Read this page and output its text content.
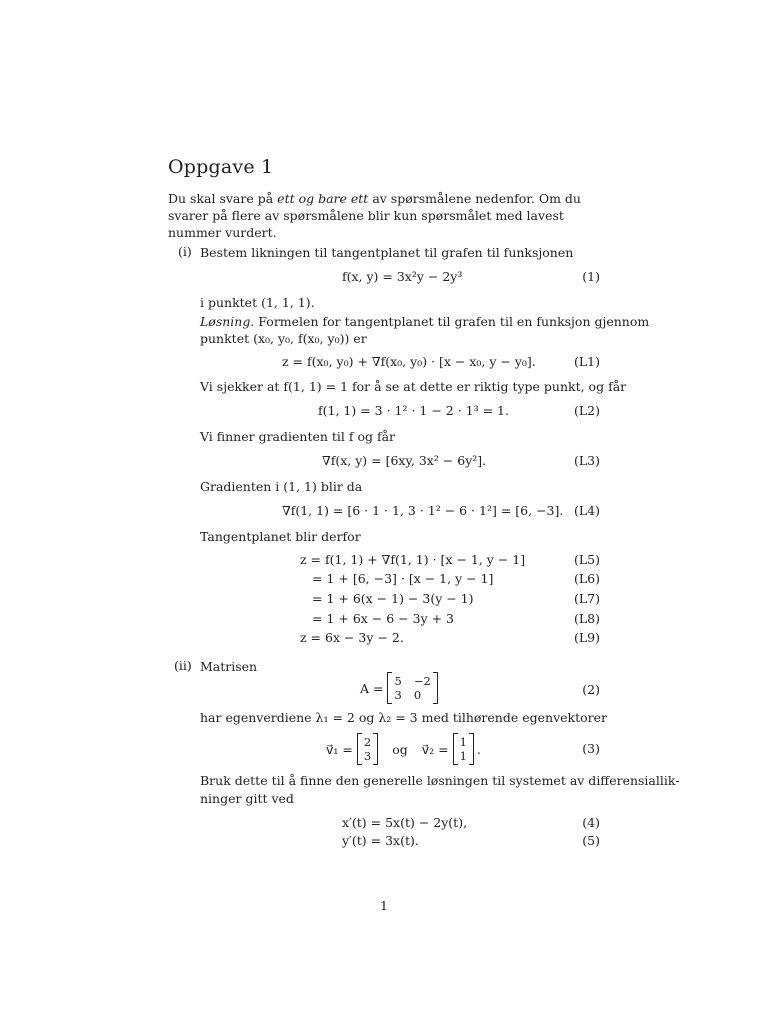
Oppgave 1
Du skal svare på ett og bare ett av spørsmålene nedenfor. Om du svarer på flere av spørsmålene blir kun spørsmålet med lavest nummer vurdert.
(i) Bestem likningen til tangentplanet til grafen til funksjonen
f(x, y) = 3x²y − 2y³	(1)
i punktet (1, 1, 1).
Løsning. Formelen for tangentplanet til grafen til en funksjon gjennom
punktet (x₀, y₀, f(x₀, y₀)) er
z = f(x₀, y₀) + ∇f(x₀, y₀) · [x − x₀, y − y₀].	(L1)
Vi sjekker at f(1, 1) = 1 for å se at dette er riktig type punkt, og får
f(1, 1) = 3 · 1² · 1 − 2 · 1³ = 1.	(L2)
Vi finner gradienten til f og får
∇f(x, y) = [6xy, 3x² − 6y²].	(L3)
Gradienten i (1, 1) blir da
∇f(1, 1) = [6 · 1 · 1, 3 · 1² − 6 · 1²] = [6, −3]. (L4)
Tangentplanet blir derfor
z = f(1, 1) + ∇f(1, 1) · [x − 1, y − 1]	(L5)
= 1 + [6, −3] · [x − 1, y − 1]	(L6)
= 1 + 6(x − 1) − 3(y − 1)	(L7)
= 1 + 6x − 6 − 3y + 3	(L8)
z = 6x − 3y − 2.	(L9)
(ii) Matrisen
A = 5 −2
3 0	(2)
har egenverdiene λ₁ = 2 og λ₂ = 3 med tilhørende egenvektorer
v⃗₁ = 2
3 og v⃗₂ = 1
1 .	(3)
Bruk dette til å finne den generelle løsningen til systemet av differensiallik-
ninger gitt ved
x′(t) = 5x(t) − 2y(t),	(4)
y′(t) = 3x(t).	(5)
1
